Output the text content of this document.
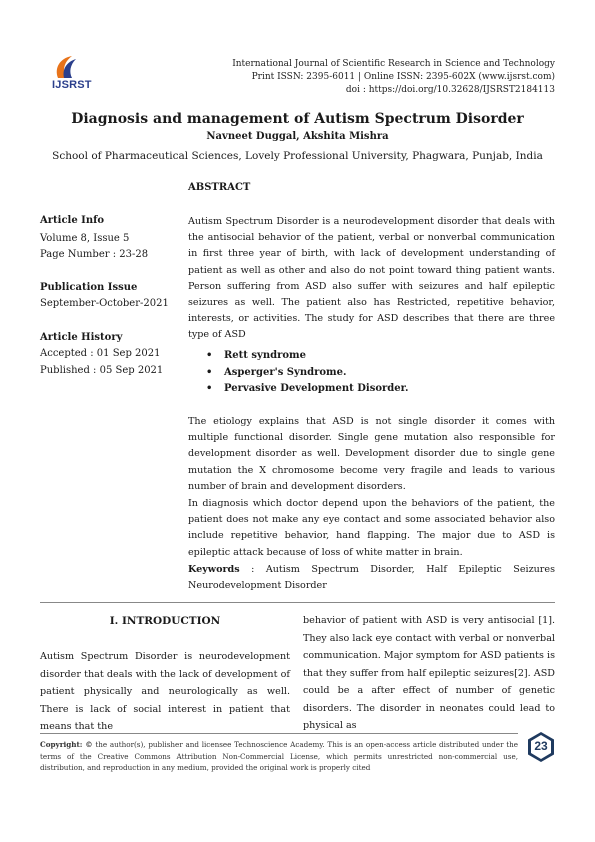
IJSRST
International Journal of Scientific Research in Science and Technology
Print ISSN: 2395-6011 | Online ISSN: 2395-602X (www.ijsrst.com)
doi : https://doi.org/10.32628/IJSRST2184113
Diagnosis and management of Autism Spectrum Disorder
Navneet Duggal, Akshita Mishra
School of Pharmaceutical Sciences, Lovely Professional University, Phagwara, Punjab, India
ABSTRACT
Article Info
Volume 8, Issue 5
Page Number : 23-28
Publication Issue
September-October-2021
Article History
Accepted : 01 Sep 2021
Published : 05 Sep 2021
Autism Spectrum Disorder is a neurodevelopment disorder that deals with the antisocial behavior of the patient, verbal or nonverbal communication in first three year of birth, with lack of development understanding of patient as well as other and also do not point toward thing patient wants. Person suffering from ASD also suffer with seizures and half epileptic seizures as well. The patient also has Restricted, repetitive behavior, interests, or activities. The study for ASD describes that there are three type of ASD
• Rett syndrome
• Asperger's Syndrome.
• Pervasive Development Disorder.
The etiology explains that ASD is not single disorder it comes with multiple functional disorder. Single gene mutation also responsible for development disorder as well. Development disorder due to single gene mutation the X chromosome become very fragile and leads to various number of brain and development disorders.
In diagnosis which doctor depend upon the behaviors of the patient, the patient does not make any eye contact and some associated behavior also include repetitive behavior, hand flapping. The major due to ASD is epileptic attack because of loss of white matter in brain.
Keywords : Autism Spectrum Disorder, Half Epileptic Seizures Neurodevelopment Disorder
I. INTRODUCTION
Autism Spectrum Disorder is neurodevelopment disorder that deals with the lack of development of patient physically and neurologically as well. There is lack of social interest in patient that means that the
behavior of patient with ASD is very antisocial [1]. They also lack eye contact with verbal or nonverbal communication. Major symptom for ASD patients is that they suffer from half epileptic seizures[2]. ASD could be a after effect of number of genetic disorders. The disorder in neonates could lead to physical as
Copyright: © the author(s), publisher and licensee Technoscience Academy. This is an open-access article distributed under the terms of the Creative Commons Attribution Non-Commercial License, which permits unrestricted non-commercial use, distribution, and reproduction in any medium, provided the original work is properly cited
23
